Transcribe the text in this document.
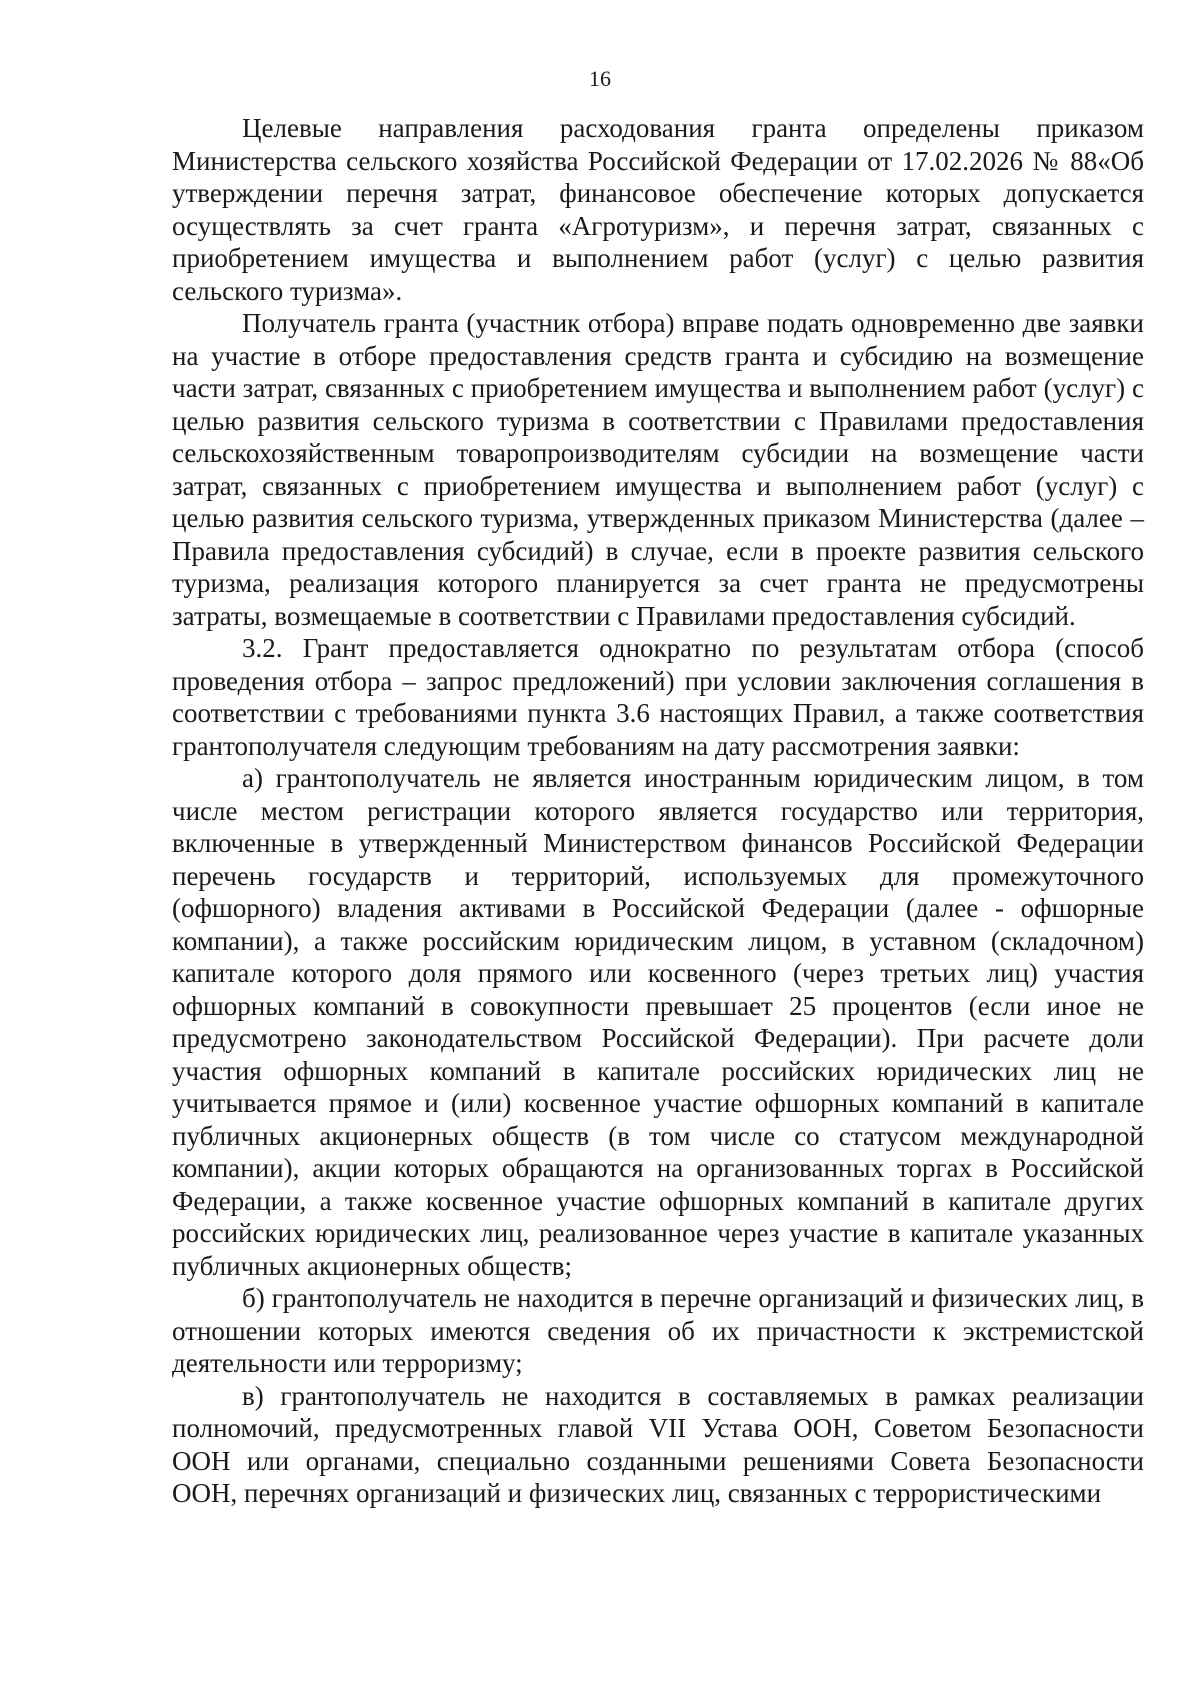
16

Целевые направления расходования гранта определены приказом Министерства сельского хозяйства Российской Федерации от 17.02.2026 № 88«Об утверждении перечня затрат, финансовое обеспечение которых допускается осуществлять за счет гранта «Агротуризм», и перечня затрат, связанных с приобретением имущества и выполнением работ (услуг) с целью развития сельского туризма».

Получатель гранта (участник отбора) вправе подать одновременно две заявки на участие в отборе предоставления средств гранта и субсидию на возмещение части затрат, связанных с приобретением имущества и выполнением работ (услуг) с целью развития сельского туризма в соответствии с Правилами предоставления сельскохозяйственным товаропроизводителям субсидии на возмещение части затрат, связанных с приобретением имущества и выполнением работ (услуг) с целью развития сельского туризма, утвержденных приказом Министерства (далее – Правила предоставления субсидий) в случае, если в проекте развития сельского туризма, реализация которого планируется за счет гранта не предусмотрены затраты, возмещаемые в соответствии с Правилами предоставления субсидий.

3.2. Грант предоставляется однократно по результатам отбора (способ проведения отбора – запрос предложений) при условии заключения соглашения в соответствии с требованиями пункта 3.6 настоящих Правил, а также соответствия грантополучателя следующим требованиям на дату рассмотрения заявки:

а) грантополучатель не является иностранным юридическим лицом, в том числе местом регистрации которого является государство или территория, включенные в утвержденный Министерством финансов Российской Федерации перечень государств и территорий, используемых для промежуточного (офшорного) владения активами в Российской Федерации (далее - офшорные компании), а также российским юридическим лицом, в уставном (складочном) капитале которого доля прямого или косвенного (через третьих лиц) участия офшорных компаний в совокупности превышает 25 процентов (если иное не предусмотрено законодательством Российской Федерации). При расчете доли участия офшорных компаний в капитале российских юридических лиц не учитывается прямое и (или) косвенное участие офшорных компаний в капитале публичных акционерных обществ (в том числе со статусом международной компании), акции которых обращаются на организованных торгах в Российской Федерации, а также косвенное участие офшорных компаний в капитале других российских юридических лиц, реализованное через участие в капитале указанных публичных акционерных обществ;

б) грантополучатель не находится в перечне организаций и физических лиц, в отношении которых имеются сведения об их причастности к экстремистской деятельности или терроризму;

в) грантополучатель не находится в составляемых в рамках реализации полномочий, предусмотренных главой VII Устава ООН, Советом Безопасности ООН или органами, специально созданными решениями Совета Безопасности ООН, перечнях организаций и физических лиц, связанных с террористическими
